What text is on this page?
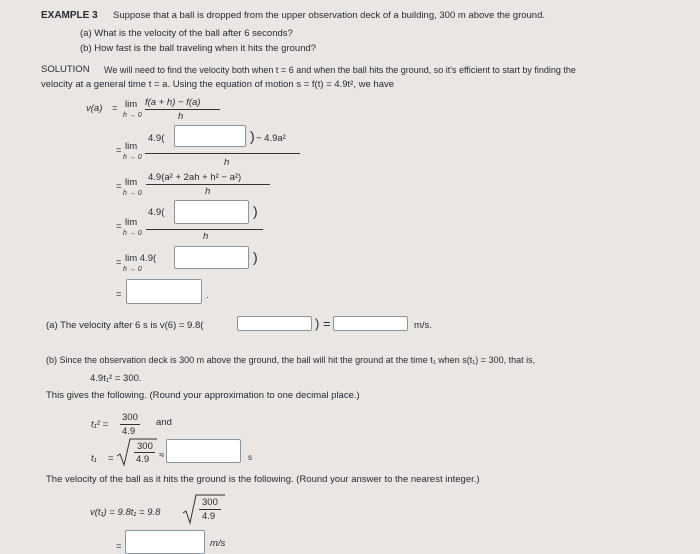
EXAMPLE 3 Suppose that a ball is dropped from the upper observation deck of a building, 300 m above the ground.
(a) What is the velocity of the ball after 6 seconds?
(b) How fast is the ball traveling when it hits the ground?
SOLUTION We will need to find the velocity both when t = 6 and when the ball hits the ground, so it's efficient to start by finding the
velocity at a general time t = a. Using the equation of motion s = f(t) = 4.9t², we have
v(a) = lim
h → 0
f(a + h) − f(a)
h
= lim
h → 0
4.9(	) − 4.9a²
h
= lim
h → 0
4.9(a² + 2ah + h² − a²)
h
= lim
h → 0
4.9(	)
h
= lim 4.9(
h → 0
)
=	.
(a) The velocity after 6 s is v(6) = 9.8(	) =	m/s.
(b) Since the observation deck is 300 m above the ground, the ball will hit the ground at the time t₁ when s(t₁) = 300, that is,
4.9t₁² = 300.
This gives the following. (Round your approximation to one decimal place.)
t₁² =
300
4.9
and
t₁ =
300
4.9 ≈	s
The velocity of the ball as it hits the ground is the following. (Round your answer to the nearest integer.)
v(t₁) = 9.8t₁ = 9.8
300
4.9
=	m/s
